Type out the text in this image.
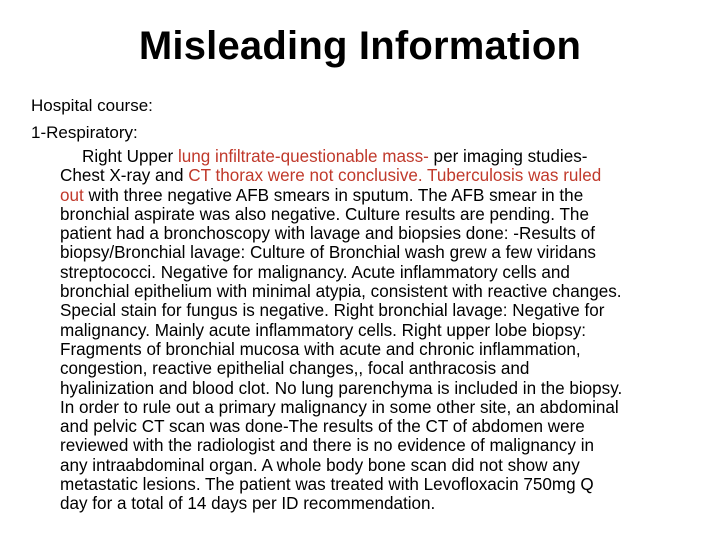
Misleading Information
Hospital course:
1-Respiratory:
Right Upper lung infiltrate-questionable mass- per imaging studies-
Chest X-ray and CT thorax were not conclusive. Tuberculosis was ruled
out with three negative AFB smears in sputum. The AFB smear in the
bronchial aspirate was also negative. Culture results are pending. The
patient had a bronchoscopy with lavage and biopsies done: -Results of
biopsy/Bronchial lavage: Culture of Bronchial wash grew a few viridans
streptococci. Negative for malignancy. Acute inflammatory cells and
bronchial epithelium with minimal atypia, consistent with reactive changes.
Special stain for fungus is negative. Right bronchial lavage: Negative for
malignancy. Mainly acute inflammatory cells. Right upper lobe biopsy:
Fragments of bronchial mucosa with acute and chronic inflammation,
congestion, reactive epithelial changes,, focal anthracosis and
hyalinization and blood clot. No lung parenchyma is included in the biopsy.
In order to rule out a primary malignancy in some other site, an abdominal
and pelvic CT scan was done-The results of the CT of abdomen were
reviewed with the radiologist and there is no evidence of malignancy in
any intraabdominal organ. A whole body bone scan did not show any
metastatic lesions. The patient was treated with Levofloxacin 750mg Q
day for a total of 14 days per ID recommendation.
